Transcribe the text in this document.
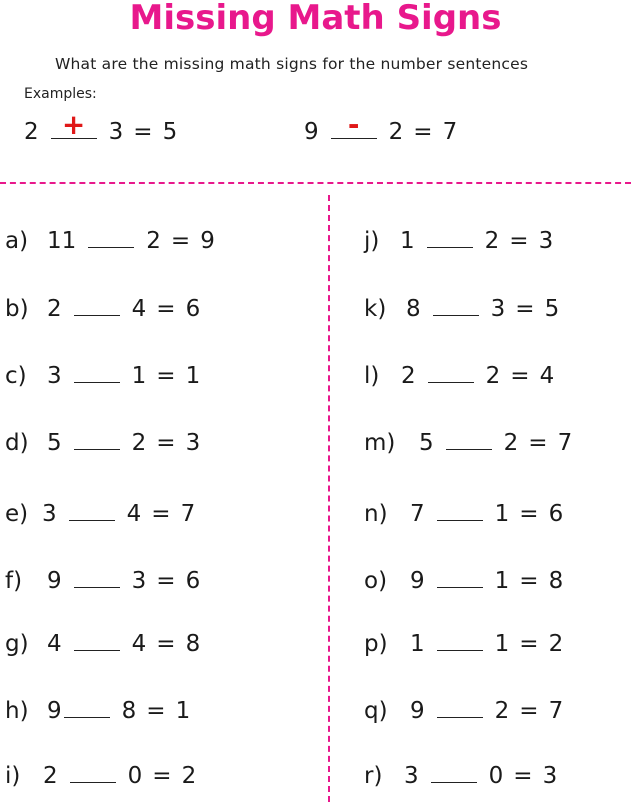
Missing Math Signs
What are the missing math signs for the number sentences
Examples:
2 +	3 = 5	9	-	2 = 7
a) 11	2 = 9
b) 2	4 = 6
c) 3	1 = 1
d) 5	2 = 3
e) 3	4 = 7
f)	9	3 = 6
g) 4	4 = 8
h) 9	8 = 1
i) 2	0 = 2
j) 1	2 = 3
k) 8	3 = 5
l) 2	2 = 4
m)	5	2 = 7
n) 7	1 = 6
o) 9	1 = 8
p) 1	1 = 2
q) 9	2 = 7
r) 3	0 = 3
